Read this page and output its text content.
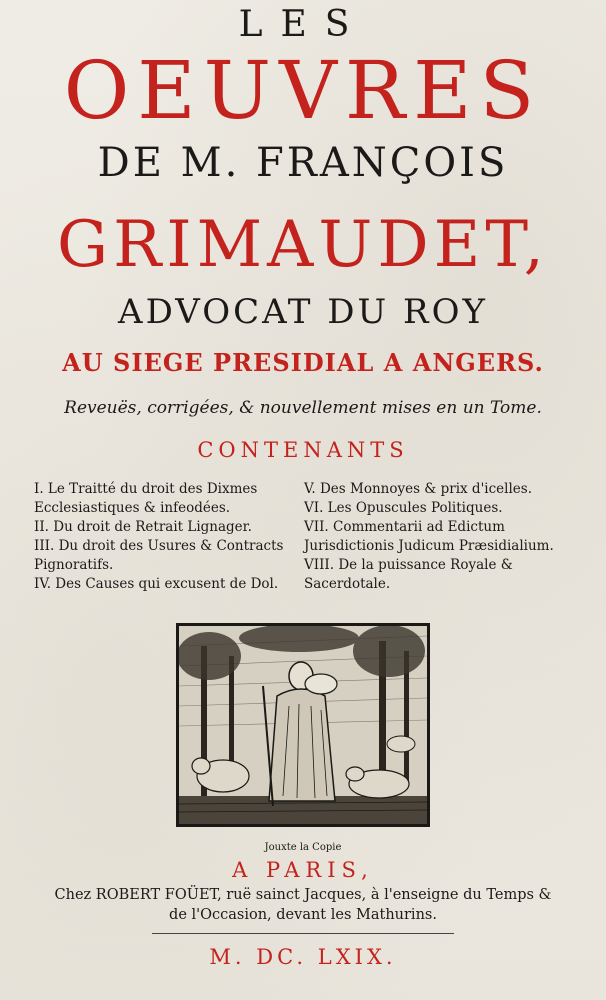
LES
OEUVRES
DE M. FRANÇOIS
GRIMAUDET,
ADVOCAT DU ROY
AU SIEGE PRESIDIAL A ANGERS.
Reveuës, corrigées, & nouvellement mises en un Tome.
CONTENANTS

I. Le Traitté du droit des Dixmes Ecclesiastiques & infeodées.

II. Du droit de Retrait Lignager.

III. Du droit des Usures & Contracts Pignoratifs.

IV. Des Causes qui excusent de Dol.

V. Des Monnoyes & prix d'icelles.

VI. Les Opuscules Politiques.

VII. Commentarii ad Edictum Jurisdictionis Judicum Præsidialium.

VIII. De la puissance Royale & Sacerdotale.

Jouxte la Copie
A PARIS,
Chez ROBERT FOÜET, ruë sainct Jacques, à l'enseigne du Temps &
de l'Occasion, devant les Mathurins.
M. DC. LXIX.
